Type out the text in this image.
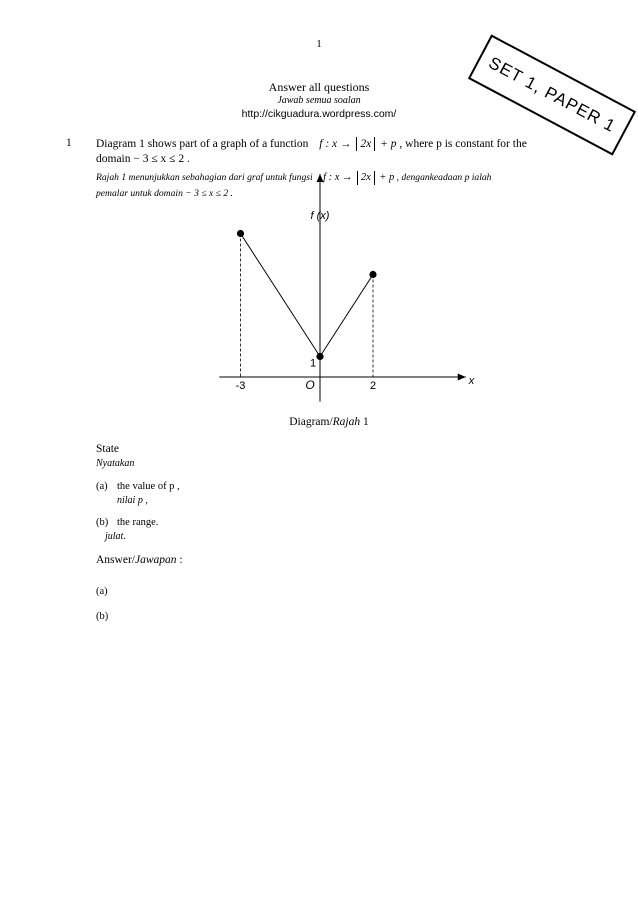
1
Answer all questions
Jawab semua soalan
http://cikguadura.wordpress.com/	SET 1, PAPER 1
1 Diagram 1 shows part of a graph of a function f : x → 2x + p , where p is constant for the
domain − 3 ≤ x ≤ 2 .
Rajah 1 menunjukkan sebahagian dari graf untuk fungsi f : x → 2x + p , dengankeadaan p ialah
pemalar untuk domain − 3 ≤ x ≤ 2 .
f (x)
x
O
-3	2
1
Diagram/Rajah 1
State
Nyatakan
(a) the value of p ,
nilai p ,
(b) the range.
julat.
Answer/Jawapan :
(a)
(b)
